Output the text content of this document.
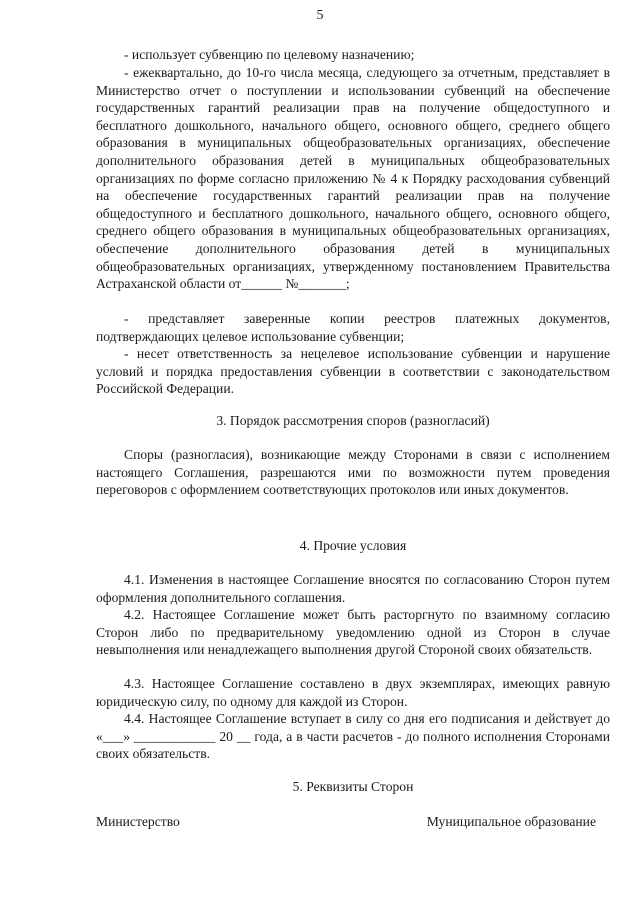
5

- использует субвенцию по целевому назначению;

- ежеквартально, до 10-го числа месяца, следующего за отчетным, представляет в Министерство отчет о поступлении и использовании субвенций на обеспечение государственных гарантий реализации прав на получение общедоступного и бесплатного дошкольного, начального общего, основного общего, среднего общего образования в муниципальных общеобразовательных организациях, обеспечение дополнительного образования детей в муниципальных общеобразовательных организациях по форме согласно приложению № 4 к Порядку расходования субвенций на обеспечение государственных гарантий реализации прав на получение общедоступного и бесплатного дошкольного, начального общего, основного общего, среднего общего образования в муниципальных общеобразовательных организациях, обеспечение дополнительного образования детей в муниципальных общеобразовательных организациях, утвержденному постановлением Правительства Астраханской области от______ №_______;

- представляет заверенные копии реестров платежных документов, подтверждающих целевое использование субвенции;

- несет ответственность за нецелевое использование субвенции и нарушение условий и порядка предоставления субвенции в соответствии с законодательством Российской Федерации.

3. Порядок рассмотрения споров (разногласий)

Споры (разногласия), возникающие между Сторонами в связи с исполнением настоящего Соглашения, разрешаются ими по возможности путем проведения переговоров с оформлением соответствующих протоколов или иных документов.

4. Прочие условия

4.1. Изменения в настоящее Соглашение вносятся по согласованию Сторон путем оформления дополнительного соглашения.

4.2. Настоящее Соглашение может быть расторгнуто по взаимному согласию Сторон либо по предварительному уведомлению одной из Сторон в случае невыполнения или ненадлежащего выполнения другой Стороной своих обязательств.

4.3. Настоящее Соглашение составлено в двух экземплярах, имеющих равную юридическую силу, по одному для каждой из Сторон.

4.4. Настоящее Соглашение вступает в силу со дня его подписания и действует до «___» ____________ 20 __ года, а в части расчетов - до полного исполнения Сторонами своих обязательств.

5. Реквизиты Сторон

Министерство	Муниципальное образование
